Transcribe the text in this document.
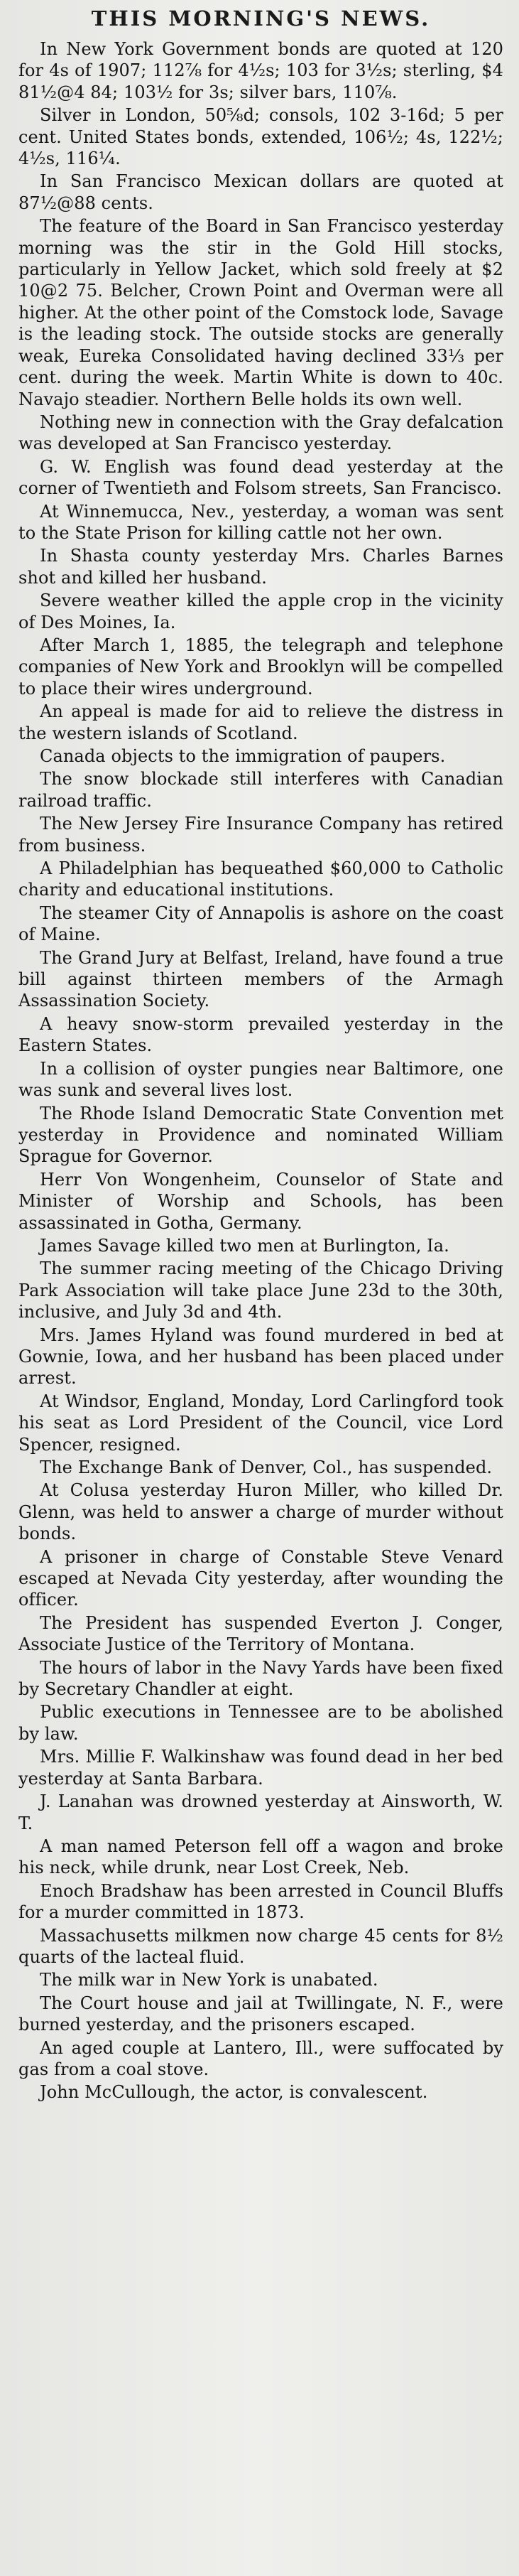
THIS MORNING'S NEWS.

In New York Government bonds are quoted at 120 for 4s of 1907; 112⅞ for 4½s; 103 for 3½s; sterling, $4 81½@4 84; 103½ for 3s; silver bars, 110⅞.

Silver in London, 50⅝d; consols, 102 3-16d; 5 per cent. United States bonds, extended, 106½; 4s, 122½; 4½s, 116¼.

In San Francisco Mexican dollars are quoted at 87½@88 cents.

The feature of the Board in San Francisco yesterday morning was the stir in the Gold Hill stocks, particularly in Yellow Jacket, which sold freely at $2 10@2 75. Belcher, Crown Point and Overman were all higher. At the other point of the Comstock lode, Savage is the leading stock. The outside stocks are generally weak, Eureka Consolidated having declined 33⅓ per cent. during the week. Martin White is down to 40c. Navajo steadier. Northern Belle holds its own well.

Nothing new in connection with the Gray defalcation was developed at San Francisco yesterday.

G. W. English was found dead yesterday at the corner of Twentieth and Folsom streets, San Francisco.

At Winnemucca, Nev., yesterday, a woman was sent to the State Prison for killing cattle not her own.

In Shasta county yesterday Mrs. Charles Barnes shot and killed her husband.

Severe weather killed the apple crop in the vicinity of Des Moines, Ia.

After March 1, 1885, the telegraph and telephone companies of New York and Brooklyn will be compelled to place their wires underground.

An appeal is made for aid to relieve the distress in the western islands of Scotland.

Canada objects to the immigration of paupers.

The snow blockade still interferes with Canadian railroad traffic.

The New Jersey Fire Insurance Company has retired from business.

A Philadelphian has bequeathed $60,000 to Catholic charity and educational institutions.

The steamer City of Annapolis is ashore on the coast of Maine.

The Grand Jury at Belfast, Ireland, have found a true bill against thirteen members of the Armagh Assassination Society.

A heavy snow-storm prevailed yesterday in the Eastern States.

In a collision of oyster pungies near Baltimore, one was sunk and several lives lost.

The Rhode Island Democratic State Convention met yesterday in Providence and nominated William Sprague for Governor.

Herr Von Wongenheim, Counselor of State and Minister of Worship and Schools, has been assassinated in Gotha, Germany.

James Savage killed two men at Burlington, Ia.

The summer racing meeting of the Chicago Driving Park Association will take place June 23d to the 30th, inclusive, and July 3d and 4th.

Mrs. James Hyland was found murdered in bed at Gownie, Iowa, and her husband has been placed under arrest.

At Windsor, England, Monday, Lord Carlingford took his seat as Lord President of the Council, vice Lord Spencer, resigned.

The Exchange Bank of Denver, Col., has suspended.

At Colusa yesterday Huron Miller, who killed Dr. Glenn, was held to answer a charge of murder without bonds.

A prisoner in charge of Constable Steve Venard escaped at Nevada City yesterday, after wounding the officer.

The President has suspended Everton J. Conger, Associate Justice of the Territory of Montana.

The hours of labor in the Navy Yards have been fixed by Secretary Chandler at eight.

Public executions in Tennessee are to be abolished by law.

Mrs. Millie F. Walkinshaw was found dead in her bed yesterday at Santa Barbara.

J. Lanahan was drowned yesterday at Ainsworth, W. T.

A man named Peterson fell off a wagon and broke his neck, while drunk, near Lost Creek, Neb.

Enoch Bradshaw has been arrested in Council Bluffs for a murder committed in 1873.

Massachusetts milkmen now charge 45 cents for 8½ quarts of the lacteal fluid.

The milk war in New York is unabated.

The Court house and jail at Twillingate, N. F., were burned yesterday, and the prisoners escaped.

An aged couple at Lantero, Ill., were suffocated by gas from a coal stove.

John McCullough, the actor, is convalescent.
